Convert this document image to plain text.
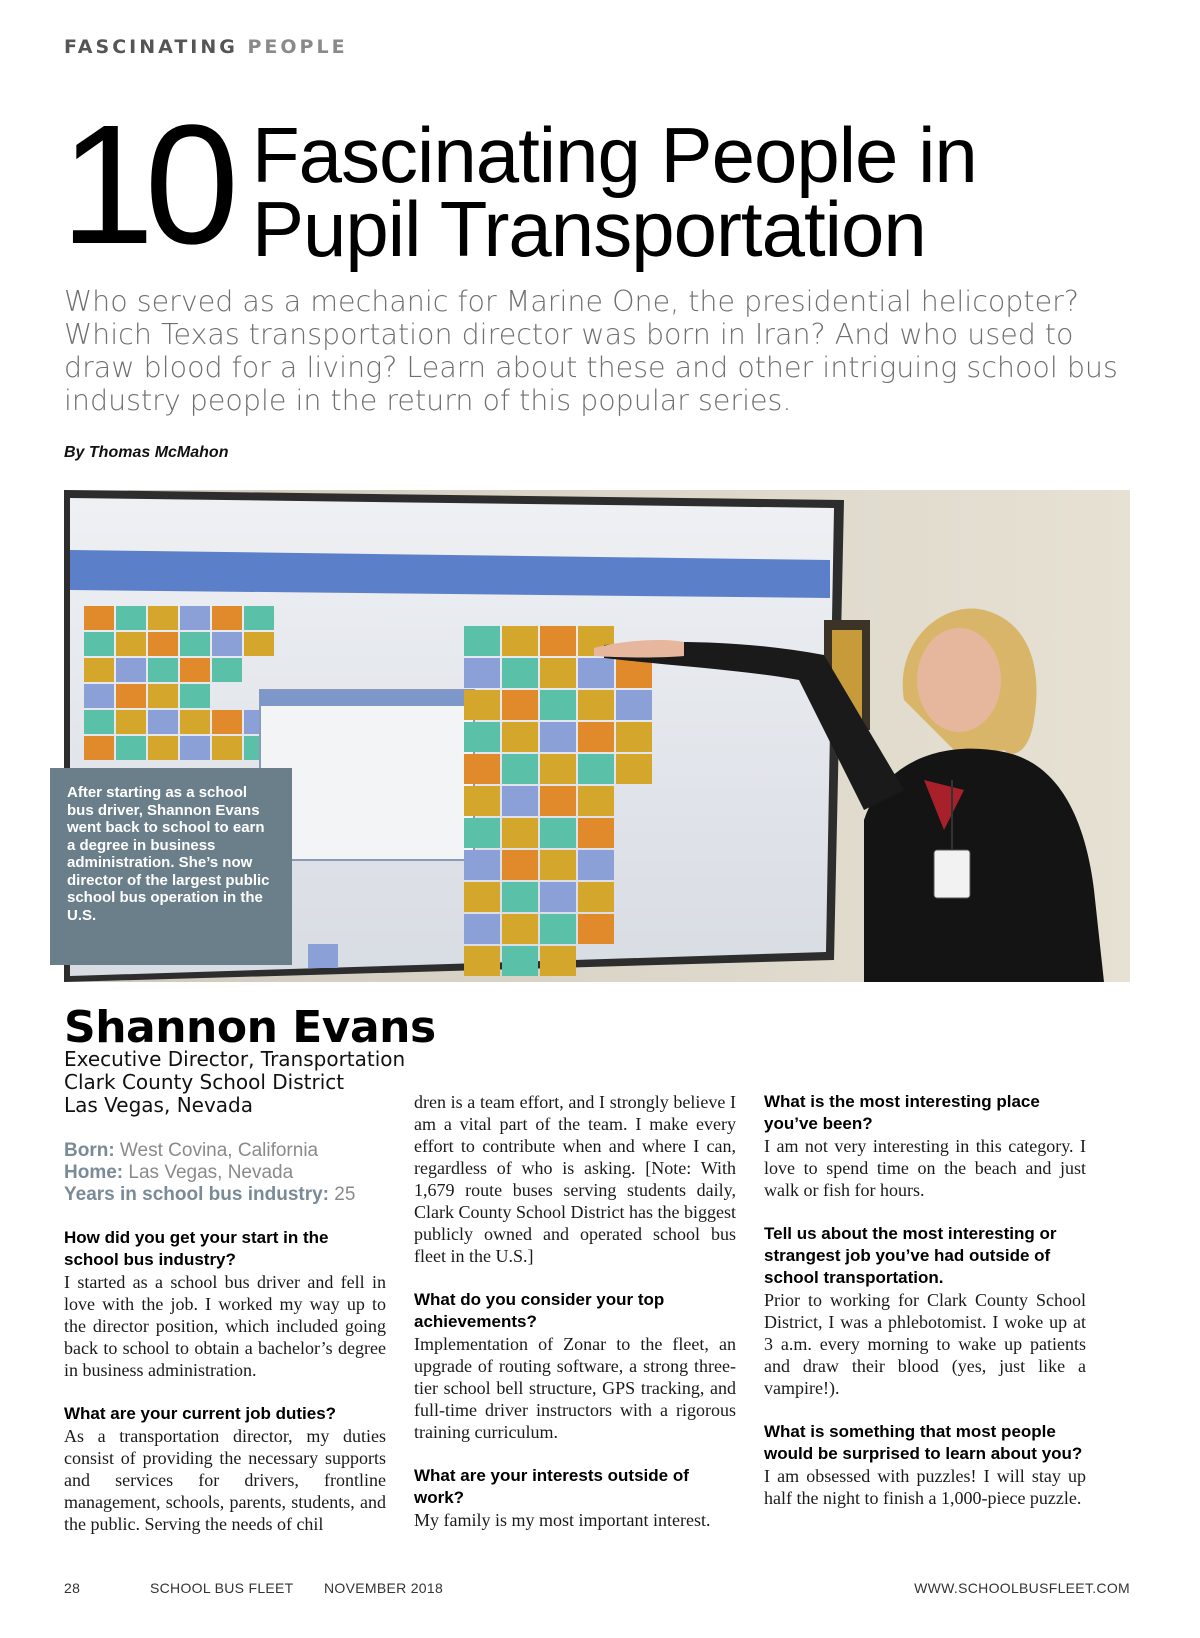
FASCINATING PEOPLE
10 Fascinating People in
Pupil Transportation
Who served as a mechanic for Marine One, the presidential helicopter? Which Texas transportation director was born in Iran? And who used to draw blood for a living? Learn about these and other intriguing school bus industry people in the return of this popular series.
By Thomas McMahon
After starting as a school bus driver, Shannon Evans went back to school to earn a degree in business administration. She’s now director of the largest public school bus operation in the U.S.
Shannon Evans
Executive Director, Transportation
Clark County School District
Las Vegas, Nevada
Born: West Covina, California
Home: Las Vegas, Nevada
Years in school bus industry: 25

How did you get your start in the school bus industry?

I started as a school bus driver and fell in love with the job. I worked my way up to the director position, which included going back to school to obtain a bachelor’s degree in business administration.

What are your current job duties?

As a transportation director, my duties consist of providing the necessary supports and services for drivers, frontline management, schools, parents, students, and the public. Serving the needs of chil

dren is a team effort, and I strongly believe I am a vital part of the team. I make every effort to contribute when and where I can, regardless of who is asking. [Note: With 1,679 route buses serving students daily, Clark County School District has the biggest publicly owned and operated school bus fleet in the U.S.]

What do you consider your top achievements?

Implementation of Zonar to the fleet, an upgrade of routing software, a strong three-tier school bell structure, GPS tracking, and full-time driver instructors with a rigorous training curriculum.

What are your interests outside of work?

My family is my most important interest.

What is the most interesting place you’ve been?

I am not very interesting in this category. I love to spend time on the beach and just walk or fish for hours.

Tell us about the most interesting or strangest job you’ve had outside of school transportation.

Prior to working for Clark County School District, I was a phlebotomist. I woke up at 3 a.m. every morning to wake up patients and draw their blood (yes, just like a vampire!).

What is something that most people would be surprised to learn about you?

I am obsessed with puzzles! I will stay up half the night to finish a 1,000-piece puzzle.

28	SCHOOL BUS FLEET NOVEMBER 2018	WWW.SCHOOLBUSFLEET.COM
